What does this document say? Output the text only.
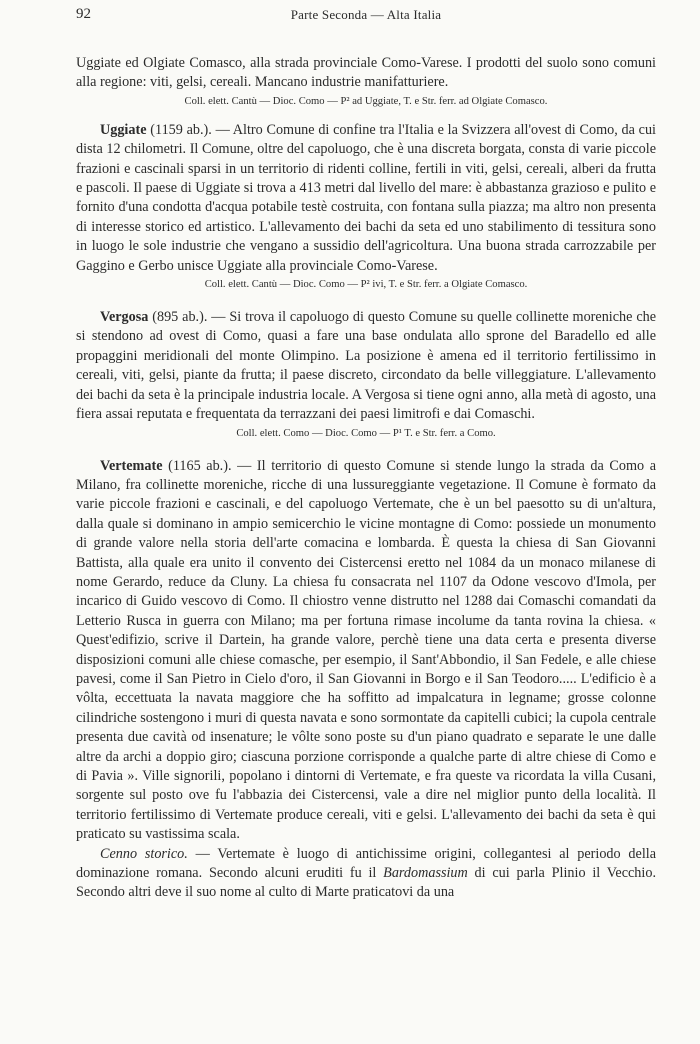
92	Parte Seconda — Alta Italia

Uggiate ed Olgiate Comasco, alla strada provinciale Como-Varese. I prodotti del suolo sono comuni alla regione: viti, gelsi, cereali. Mancano industrie manifatturiere.

Coll. elett. Cantù — Dioc. Como — P² ad Uggiate, T. e Str. ferr. ad Olgiate Comasco.

Uggiate (1159 ab.). — Altro Comune di confine tra l'Italia e la Svizzera all'ovest di Como, da cui dista 12 chilometri. Il Comune, oltre del capoluogo, che è una discreta borgata, consta di varie piccole frazioni e cascinali sparsi in un territorio di ridenti colline, fertili in viti, gelsi, cereali, alberi da frutta e pascoli. Il paese di Uggiate si trova a 413 metri dal livello del mare: è abbastanza grazioso e pulito e fornito d'una condotta d'acqua potabile testè costruita, con fontana sulla piazza; ma altro non presenta di interesse storico ed artistico. L'allevamento dei bachi da seta ed uno stabilimento di tessitura sono in luogo le sole industrie che vengano a sussidio dell'agricoltura. Una buona strada carrozzabile per Gaggino e Gerbo unisce Uggiate alla provinciale Como-Varese.

Coll. elett. Cantù — Dioc. Como — P² ivi, T. e Str. ferr. a Olgiate Comasco.

Vergosa (895 ab.). — Si trova il capoluogo di questo Comune su quelle collinette moreniche che si stendono ad ovest di Como, quasi a fare una base ondulata allo sprone del Baradello ed alle propaggini meridionali del monte Olimpino. La posizione è amena ed il territorio fertilissimo in cereali, viti, gelsi, piante da frutta; il paese discreto, circondato da belle villeggiature. L'allevamento dei bachi da seta è la principale industria locale. A Vergosa si tiene ogni anno, alla metà di agosto, una fiera assai reputata e frequentata da terrazzani dei paesi limitrofi e dai Comaschi.

Coll. elett. Como — Dioc. Como — P¹ T. e Str. ferr. a Como.

Vertemate (1165 ab.). — Il territorio di questo Comune si stende lungo la strada da Como a Milano, fra collinette moreniche, ricche di una lussureggiante vegetazione. Il Comune è formato da varie piccole frazioni e cascinali, e del capoluogo Vertemate, che è un bel paesotto su di un'altura, dalla quale si dominano in ampio semicerchio le vicine montagne di Como: possiede un monumento di grande valore nella storia dell'arte comacina e lombarda. È questa la chiesa di San Giovanni Battista, alla quale era unito il convento dei Cistercensi eretto nel 1084 da un monaco milanese di nome Gerardo, reduce da Cluny. La chiesa fu consacrata nel 1107 da Odone vescovo d'Imola, per incarico di Guido vescovo di Como. Il chiostro venne distrutto nel 1288 dai Comaschi comandati da Letterio Rusca in guerra con Milano; ma per fortuna rimase incolume da tanta rovina la chiesa. « Quest'edifizio, scrive il Dartein, ha grande valore, perchè tiene una data certa e presenta diverse disposizioni comuni alle chiese comasche, per esempio, il Sant'Abbondio, il San Fedele, e alle chiese pavesi, come il San Pietro in Cielo d'oro, il San Giovanni in Borgo e il San Teodoro..... L'edificio è a vôlta, eccettuata la navata maggiore che ha soffitto ad impalcatura in legname; grosse colonne cilindriche sostengono i muri di questa navata e sono sormontate da capitelli cubici; la cupola centrale presenta due cavità od insenature; le vôlte sono poste su d'un piano quadrato e separate le une dalle altre da archi a doppio giro; ciascuna porzione corrisponde a qualche parte di altre chiese di Como e di Pavia ». Ville signorili, popolano i dintorni di Vertemate, e fra queste va ricordata la villa Cusani, sorgente sul posto ove fu l'abbazia dei Cistercensi, vale a dire nel miglior punto della località. Il territorio fertilissimo di Vertemate produce cereali, viti e gelsi. L'allevamento dei bachi da seta è qui praticato su vastissima scala.

Cenno storico. — Vertemate è luogo di antichissime origini, collegantesi al periodo della dominazione romana. Secondo alcuni eruditi fu il Bardomassium di cui parla Plinio il Vecchio. Secondo altri deve il suo nome al culto di Marte praticatovi da una
